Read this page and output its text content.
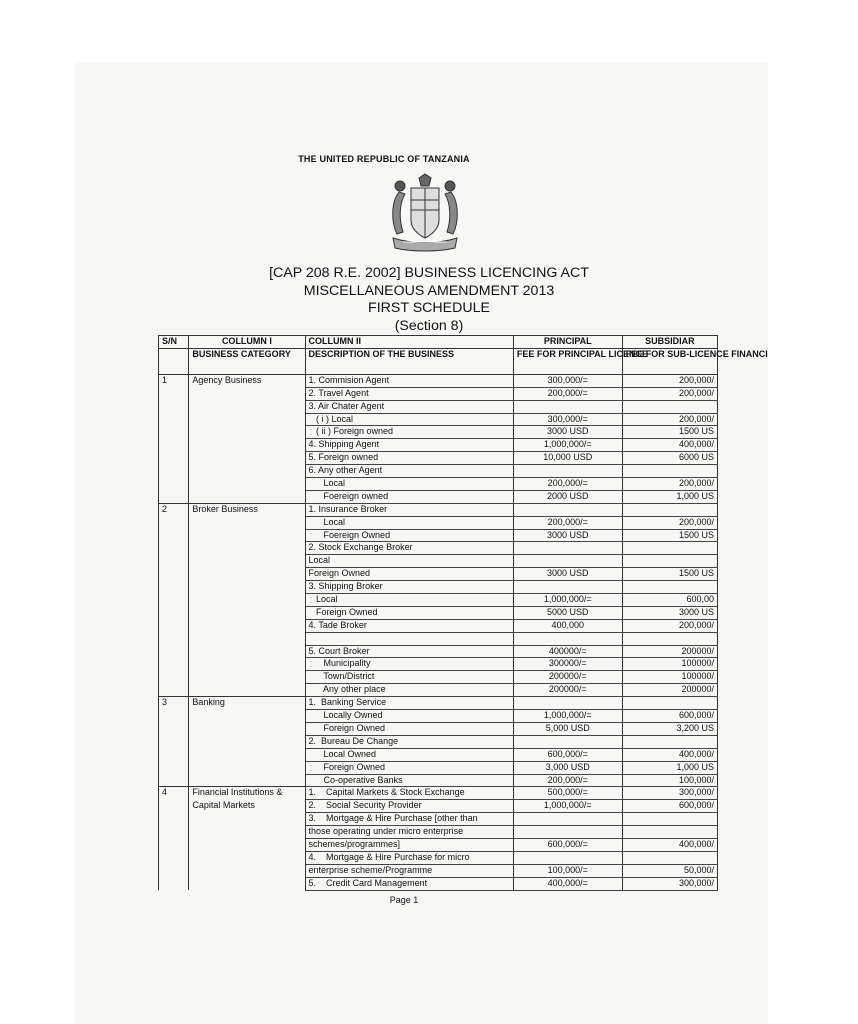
THE UNITED REPUBLIC OF TANZANIA
[CAP 208 R.E. 2002] BUSINESS LICENCING ACT
MISCELLANEOUS AMENDMENT 2013
FIRST SCHEDULE
(Section 8)
S/N	COLLUMN I	COLLUMN II	PRINCIPAL	SUBSIDIAR
	BUSINESS CATEGORY	DESCRIPTION OF THE BUSINESS	FEE FOR PRINCIPAL LICENCE	FEE FOR SUB-LICENCE FINANCI
1	Agency Business	1. Commision Agent	300,000/=	200,000/
		2. Travel Agent	200,000/=	200,000/
		3. Air Chater Agent		
		( i ) Local	300,000/=	200,000/
		( ii ) Foreign owned	3000 USD	1500 US
		4. Shipping Agent	1,000,000/=	400,000/
		5. Foreign owned	10,000 USD	6000 US
		6. Any other Agent		
		Local	200,000/=	200,000/
		Foereign owned	2000 USD	1,000 US
2	Broker Business	1. Insurance Broker		
		Local	200,000/=	200,000/
		Foereign Owned	3000 USD	1500 US
		2. Stock Exchange Broker		
		Local		
		Foreign Owned	3000 USD	1500 US
		3. Shipping Broker		
		Local	1,000,000/=	600,00
		Foreign Owned	5000 USD	3000 US
		4. Tade Broker	400,000	200,000/

		5. Court Broker	400000/=	200000/
		Municipality	300000/=	100000/
		Town/District	200000/=	100000/
		Any other place	200000/=	200000/
3	Banking	1.  Banking Service		
		Locally Owned	1,000,000/=	600,000/
		Foreign Owned	5,000 USD	3,200 US
		2.  Bureau De Change		
		Local Owned	600,000/=	400,000/
		Foreign Owned	3,000 USD	1,000 US
		Co-operative Banks	200,000/=	100,000/
4	Financial Institutions &	1.    Capital Markets & Stock Exchange	500,000/=	300,000/
	Capital Markets	2.    Social Security Provider	1,000,000/=	600,000/
		3.    Mortgage & Hire Purchase [other than		
		those operating under micro enterprise		
		schemes/programmes]	600,000/=	400,000/
		4.    Mortgage & Hire Purchase for micro		
		enterprise scheme/Programme	100,000/=	50,000/
		5.    Credit Card Management	400,000/=	300,000/
Page 1
